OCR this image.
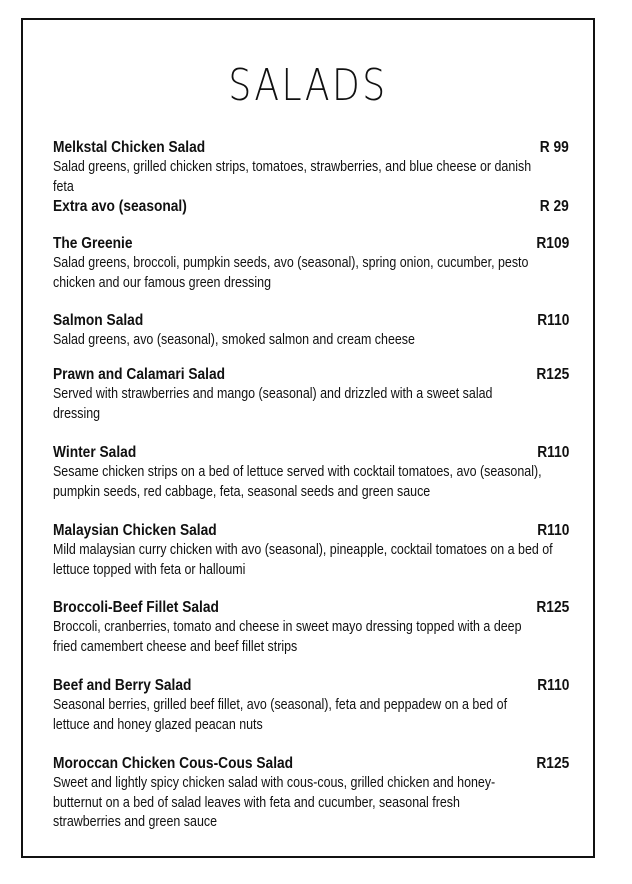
SALADS
Melkstal Chicken Salad	R 99
Salad greens, grilled chicken strips, tomatoes, strawberries, and blue cheese or danish feta
Extra avo (seasonal)	R 29
The Greenie	R109
Salad greens, broccoli, pumpkin seeds, avo (seasonal), spring onion, cucumber, pesto chicken and our famous green dressing
Salmon Salad	R110
Salad greens, avo (seasonal), smoked salmon and cream cheese
Prawn and Calamari Salad	R125
Served with strawberries and mango (seasonal) and drizzled with a sweet salad dressing
Winter Salad	R110
Sesame chicken strips on a bed of lettuce served with cocktail tomatoes, avo (seasonal), pumpkin seeds, red cabbage, feta, seasonal seeds and green sauce
Malaysian Chicken Salad	R110
Mild malaysian curry chicken with avo (seasonal), pineapple, cocktail tomatoes on a bed of lettuce topped with feta or halloumi
Broccoli-Beef Fillet Salad	R125
Broccoli, cranberries, tomato and cheese in sweet mayo dressing topped with a deep fried camembert cheese and beef fillet strips
Beef and Berry Salad	R110
Seasonal berries, grilled beef fillet, avo (seasonal), feta and peppadew on a bed of lettuce and honey glazed peacan nuts
Moroccan Chicken Cous-Cous Salad	R125
Sweet and lightly spicy chicken salad with cous-cous, grilled chicken and honey-butternut on a bed of salad leaves with feta and cucumber, seasonal fresh strawberries and green sauce
